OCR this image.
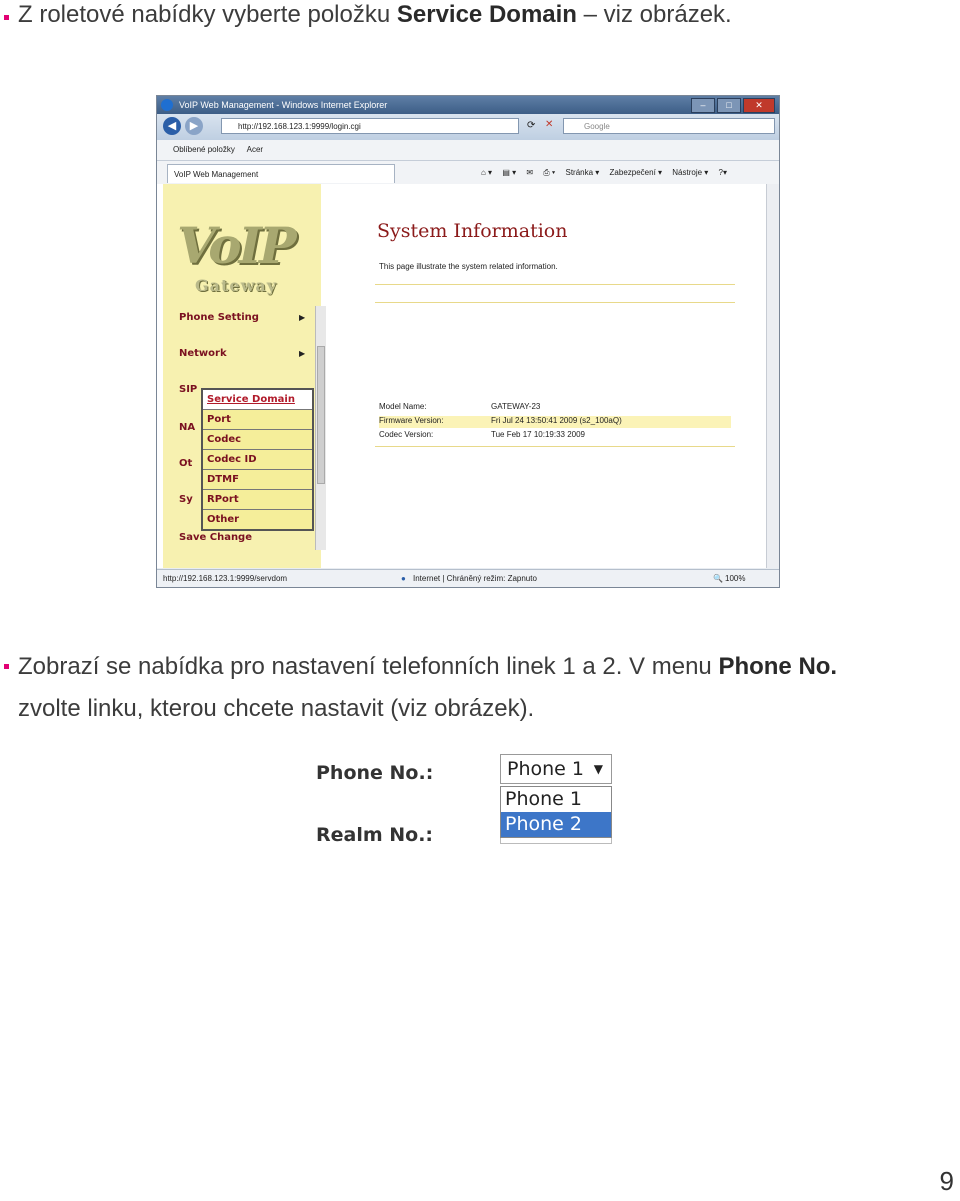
Z roletové nabídky vyberte položku Service Domain – viz obrázek.
VoIP Web Management - Windows Internet Explorer	–	□	✕
◀	▶	http://192.168.123.1:9999/login.cgi	⟳ ✕	Google
Oblíbené položky Acer
VoIP Web Management	⌂ ▾ ▤ ▾ ✉ ⎙ ▾ Stránka ▾ Zabezpečení ▾ Nástroje ▾ ?▾
VoIP
Gateway
Phone Setting	▶
Network	▶
SIP
NA
Ot
Sy
Save Change
Service Domain
Port
Codec
Codec ID
DTMF
RPort
Other
System Information
This page illustrate the system related information.
Model Name:	GATEWAY-23
Firmware Version:	Fri Jul 24 13:50:41 2009 (s2_100aQ)
Codec Version:	Tue Feb 17 10:19:33 2009
http://192.168.123.1:9999/servdom	● Internet | Chráněný režim: Zapnuto	🔍 100%
Zobrazí se nabídka pro nastavení telefonních linek 1 a 2. V menu Phone No.
zvolte linku, kterou chcete nastavit (viz obrázek).
Phone No.:	Phone 1 ▼
Phone 1
Phone 2
Realm No.:
9
